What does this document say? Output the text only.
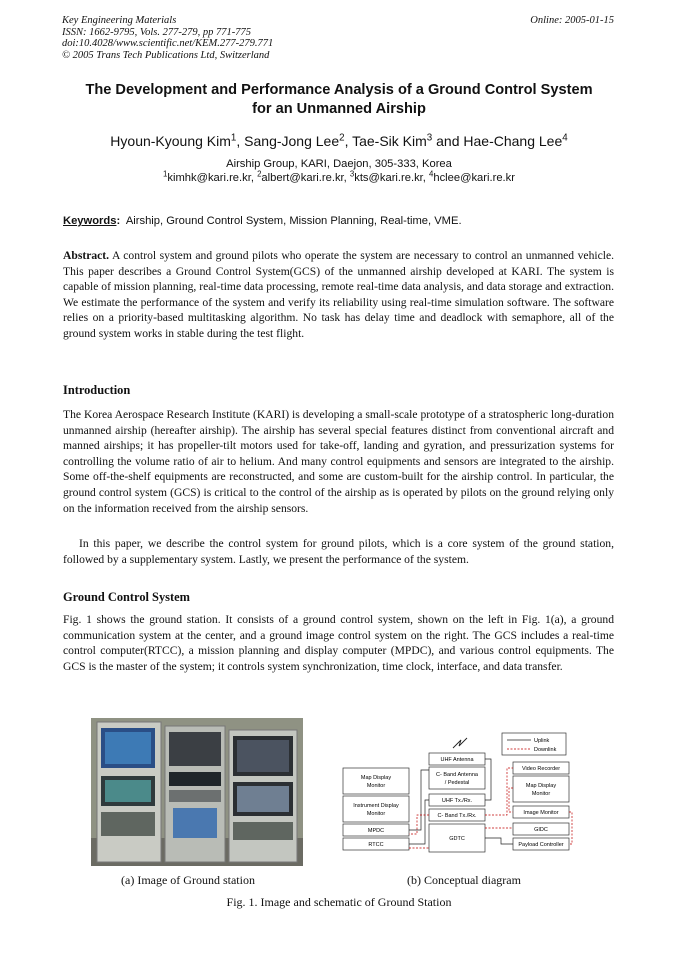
Key Engineering Materials
ISSN: 1662-9795, Vols. 277-279, pp 771-775
doi:10.4028/www.scientific.net/KEM.277-279.771
© 2005 Trans Tech Publications Ltd, Switzerland
Online: 2005-01-15
The Development and Performance Analysis of a Ground Control System
for an Unmanned Airship
Hyoun-Kyoung Kim$^1$, Sang-Jong Lee$^2$, Tae-Sik Kim$^3$ and Hae-Chang Lee$^4$
Airship Group, KARI, Daejon, 305-333, Korea
$^1$kimhk@kari.re.kr, $^2$albert@kari.re.kr, $^3$kts@kari.re.kr, $^4$hclee@kari.re.kr
Keywords: Airship, Ground Control System, Mission Planning, Real-time, VME.
Abstract. A control system and ground pilots who operate the system are necessary to control an unmanned vehicle. This paper describes a Ground Control System(GCS) of the unmanned airship developed at KARI. The system is capable of mission planning, real-time data processing, remote real-time data analysis, and data storage and extraction. We estimate the performance of the system and verify its reliability using real-time simulation software. The software relies on a priority-based multitasking algorithm. No task has delay time and deadlock with semaphore, all of the ground system works in stable during the test flight.
Introduction
The Korea Aerospace Research Institute (KARI) is developing a small-scale prototype of a stratospheric long-duration unmanned airship (hereafter airship). The airship has several special features distinct from conventional aircraft and manned airships; it has propeller-tilt motors used for take-off, landing and gyration, and pressurization systems for controlling the volume ratio of air to helium. And many control equipments and sensors are integrated to the airship. Some off-the-shelf equipments are reconstructed, and some are custom-built for the airship control. In particular, the ground control system (GCS) is critical to the control of the airship as is operated by pilots on the ground relying only on the information received from the airship sensors.
In this paper, we describe the control system for ground pilots, which is a core system of the ground station, followed by a supplementary system. Lastly, we present the performance of the system.
Ground Control System
Fig. 1 shows the ground station. It consists of a ground control system, shown on the left in Fig. 1(a), a ground communication system at the center, and a ground image control system on the right. The GCS includes a real-time control computer(RTCC), a mission planning and display computer (MPDC), and various control equipments. The GCS is the master of the system; it controls system synchronization, time clock, interface, and data transfer.
Uplink
Downlink
UHF Antenna
C- Band Antenna
/ Pedestal
UHF Tx./Rx.
C- Band Tx./Rx.
GDTC
Map Display
Monitor
Instrument Display
Monitor
MPDC
RTCC
Video Recorder
Map Display
Monitor
Image Monitor
GIDC
Payload Controller
(a) Image of Ground station	(b) Conceptual diagram
Fig. 1. Image and schematic of Ground Station
